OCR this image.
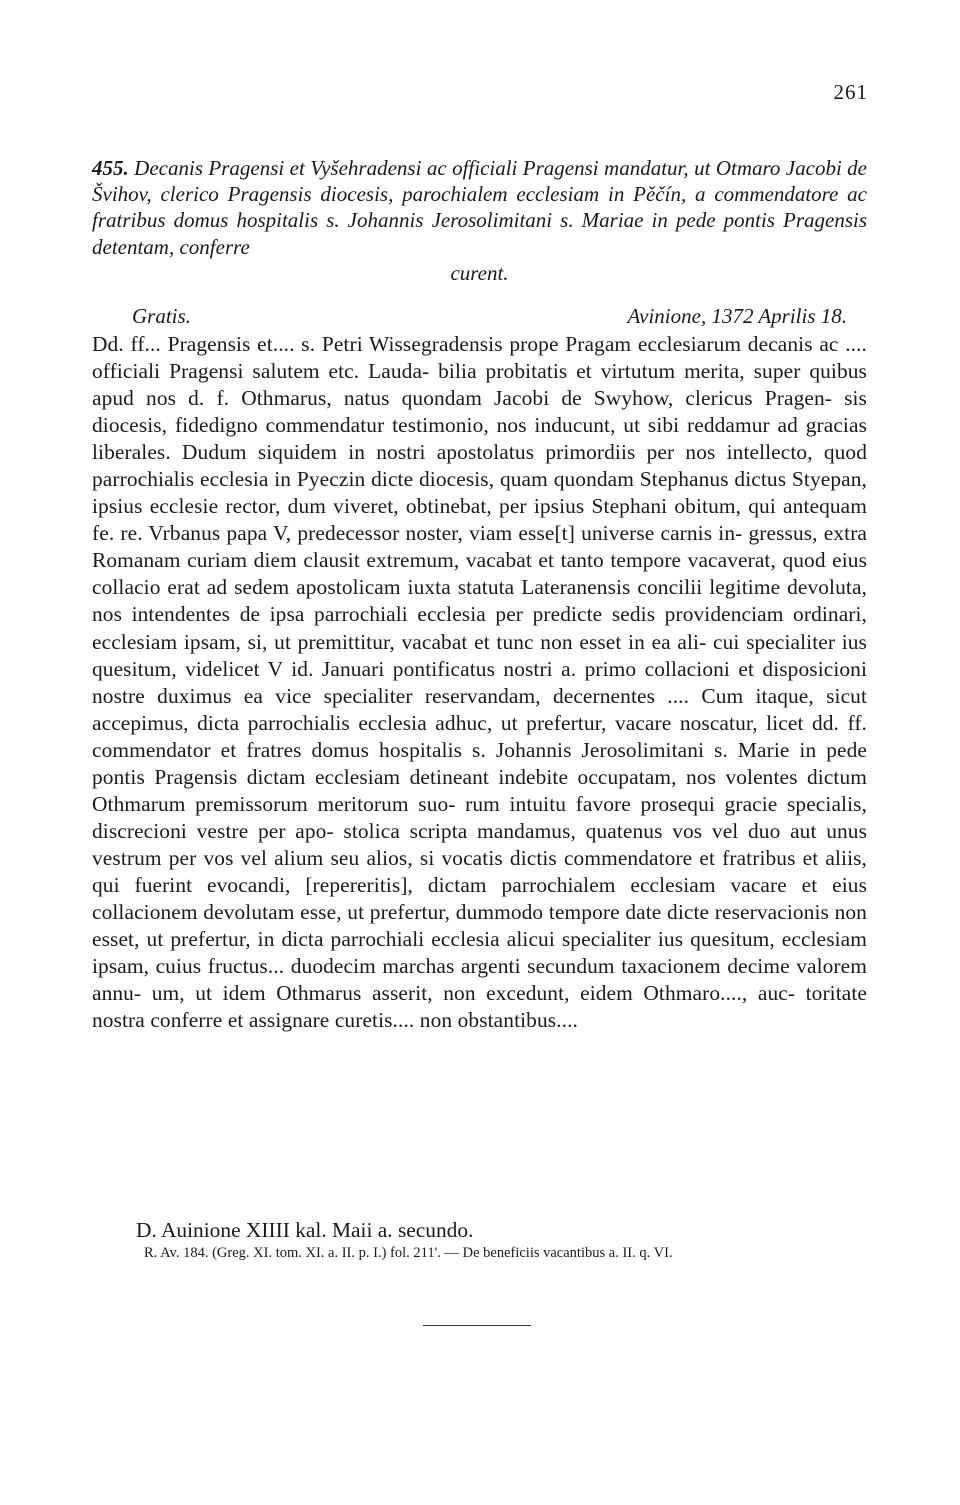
261
455. Decanis Pragensi et Vyšehradensi ac officiali Pragensi mandatur, ut Otmaro Jacobi de Švihov, clerico Pragensis diocesis, parochialem ecclesiam in Pěčín, a commendatore ac fratribus domus hospitalis s. Johannis Jerosolimitani s. Mariae in pede pontis Pragensis detentam, conferre
curent.
Gratis.	Avinione, 1372 Aprilis 18.
Dd. ff... Pragensis et.... s. Petri Wissegradensis prope Pragam ecclesiarum decanis ac .... officiali Pragensi salutem etc. Lauda- bilia probitatis et virtutum merita, super quibus apud nos d. f. Othmarus, natus quondam Jacobi de Swyhow, clericus Pragen- sis diocesis, fidedigno commendatur testimonio, nos inducunt, ut sibi reddamur ad gracias liberales. Dudum siquidem in nostri apostolatus primordiis per nos intellecto, quod parrochialis ecclesia in Pyeczin dicte diocesis, quam quondam Stephanus dictus Styepan, ipsius ecclesie rector, dum viveret, obtinebat, per ipsius Stephani obitum, qui antequam fe. re. Vrbanus papa V, predecessor noster, viam esse[t] universe carnis in- gressus, extra Romanam curiam diem clausit extremum, vacabat et tanto tempore vacaverat, quod eius collacio erat ad sedem apostolicam iuxta statuta Lateranensis concilii legitime devoluta, nos intendentes de ipsa parrochiali ecclesia per predicte sedis providenciam ordinari, ecclesiam ipsam, si, ut premittitur, vacabat et tunc non esset in ea ali- cui specialiter ius quesitum, videlicet V id. Januari pontificatus nostri a. primo collacioni et disposicioni nostre duximus ea vice specialiter reservandam, decernentes .... Cum itaque, sicut accepimus, dicta parrochialis ecclesia adhuc, ut prefertur, vacare noscatur, licet dd. ff. commendator et fratres domus hospitalis s. Johannis Jerosolimitani s. Marie in pede pontis Pragensis dictam ecclesiam detineant indebite occupatam, nos volentes dictum Othmarum premissorum meritorum suo- rum intuitu favore prosequi gracie specialis, discrecioni vestre per apo- stolica scripta mandamus, quatenus vos vel duo aut unus vestrum per vos vel alium seu alios, si vocatis dictis commendatore et fratribus et aliis, qui fuerint evocandi, [repereritis], dictam parrochialem ecclesiam vacare et eius collacionem devolutam esse, ut prefertur, dummodo tempore date dicte reservacionis non esset, ut prefertur, in dicta parrochiali ecclesia alicui specialiter ius quesitum, ecclesiam ipsam, cuius fructus... duodecim marchas argenti secundum taxacionem decime valorem annu- um, ut idem Othmarus asserit, non excedunt, eidem Othmaro...., auc- toritate nostra conferre et assignare curetis.... non obstantibus....
D. Auinione XIIII kal. Maii a. secundo.
R. Av. 184. (Greg. XI. tom. XI. a. II. p. I.) fol. 211'. — De beneficiis vacantibus a. II. q. VI.
